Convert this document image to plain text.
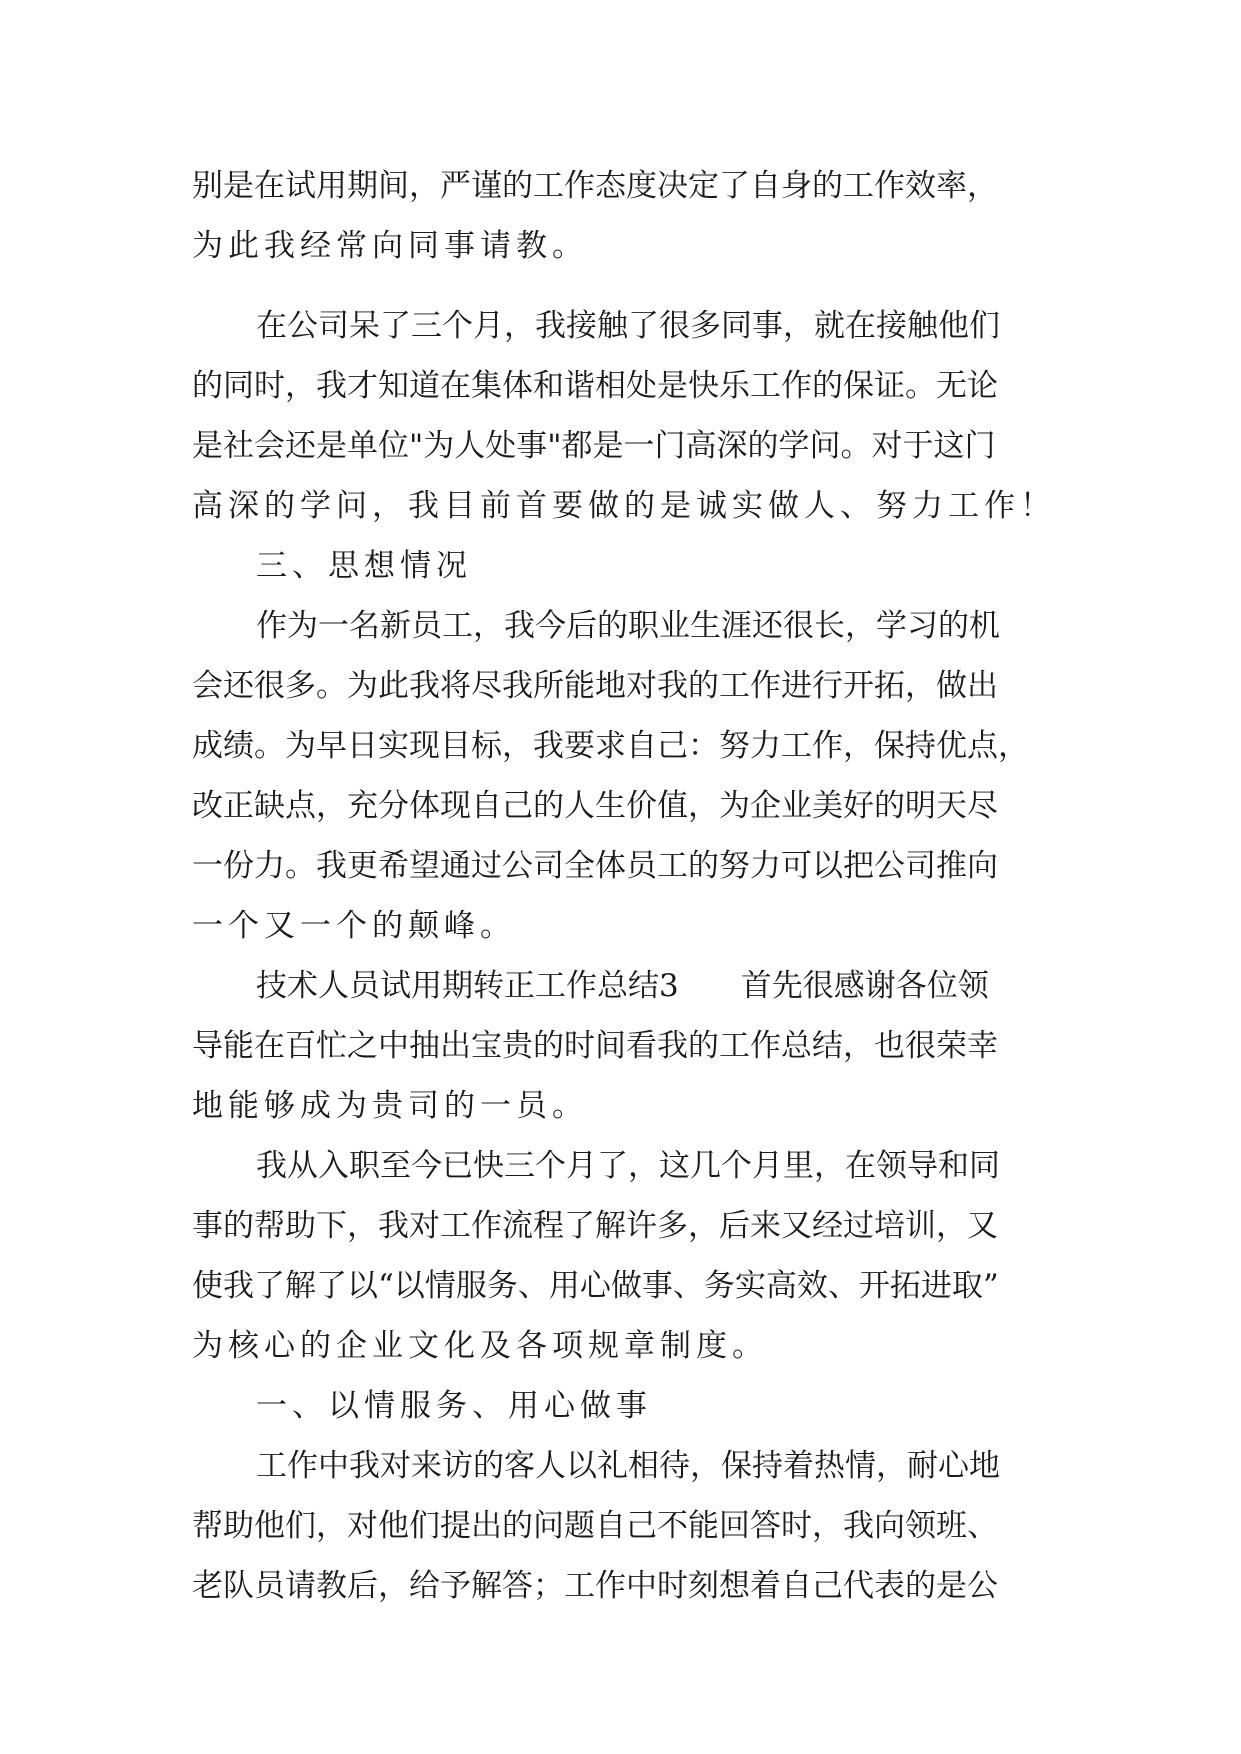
别是在试用期间，严谨的工作态度决定了自身的工作效率，
为此我经常向同事请教。
在公司呆了三个月，我接触了很多同事，就在接触他们
的同时，我才知道在集体和谐相处是快乐工作的保证。无论
是社会还是单位"为人处事"都是一门高深的学问。对于这门
高深的学问，我目前首要做的是诚实做人、努力工作！
三、思想情况
作为一名新员工，我今后的职业生涯还很长，学习的机
会还很多。为此我将尽我所能地对我的工作进行开拓，做出
成绩。为早日实现目标，我要求自己：努力工作，保持优点，
改正缺点，充分体现自己的人生价值，为企业美好的明天尽
一份力。我更希望通过公司全体员工的努力可以把公司推向
一个又一个的颠峰。
技术人员试用期转正工作总结3　　首先很感谢各位领
导能在百忙之中抽出宝贵的时间看我的工作总结，也很荣幸
地能够成为贵司的一员。
我从入职至今已快三个月了，这几个月里，在领导和同
事的帮助下，我对工作流程了解许多，后来又经过培训，又
使我了解了以“以情服务、用心做事、务实高效、开拓进取”
为核心的企业文化及各项规章制度。
一、以情服务、用心做事
工作中我对来访的客人以礼相待，保持着热情，耐心地
帮助他们，对他们提出的问题自己不能回答时，我向领班、
老队员请教后，给予解答；工作中时刻想着自己代表的是公
